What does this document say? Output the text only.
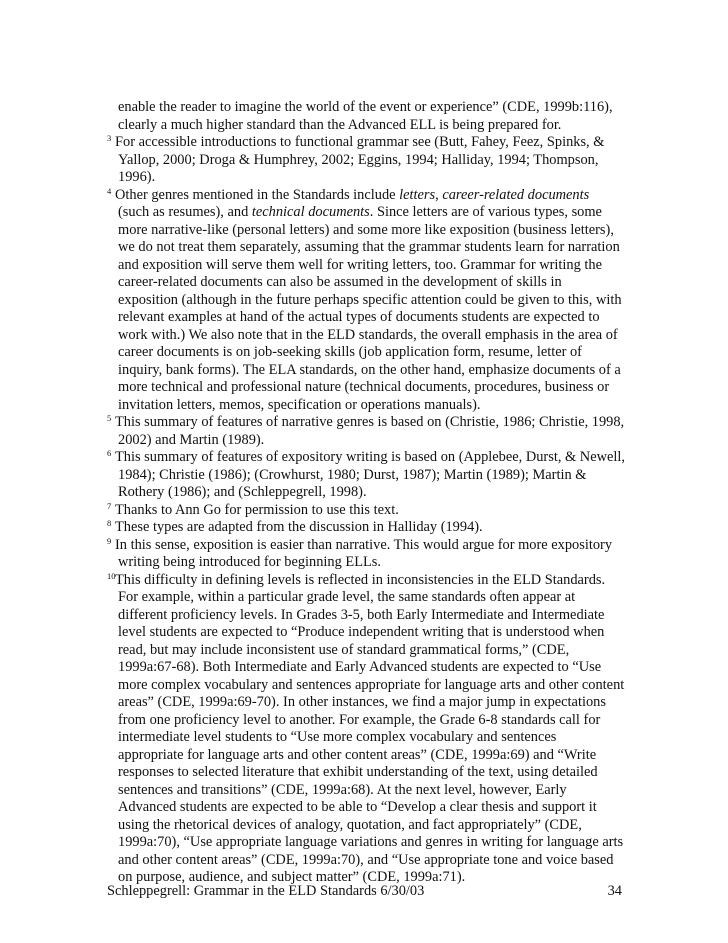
enable the reader to imagine the world of the event or experience” (CDE, 1999b:116),
clearly a much higher standard than the Advanced ELL is being prepared for.
3 For accessible introductions to functional grammar see (Butt, Fahey, Feez, Spinks, &
Yallop, 2000; Droga & Humphrey, 2002; Eggins, 1994; Halliday, 1994; Thompson,
1996).
4 Other genres mentioned in the Standards include letters, career-related documents
(such as resumes), and technical documents. Since letters are of various types, some
more narrative-like (personal letters) and some more like exposition (business letters),
we do not treat them separately, assuming that the grammar students learn for narration
and exposition will serve them well for writing letters, too. Grammar for writing the
career-related documents can also be assumed in the development of skills in
exposition (although in the future perhaps specific attention could be given to this, with
relevant examples at hand of the actual types of documents students are expected to
work with.) We also note that in the ELD standards, the overall emphasis in the area of
career documents is on job-seeking skills (job application form, resume, letter of
inquiry, bank forms). The ELA standards, on the other hand, emphasize documents of a
more technical and professional nature (technical documents, procedures, business or
invitation letters, memos, specification or operations manuals).
5 This summary of features of narrative genres is based on (Christie, 1986; Christie, 1998,
2002) and Martin (1989).
6 This summary of features of expository writing is based on (Applebee, Durst, & Newell,
1984); Christie (1986); (Crowhurst, 1980; Durst, 1987); Martin (1989); Martin &
Rothery (1986); and (Schleppegrell, 1998).
7 Thanks to Ann Go for permission to use this text.
8 These types are adapted from the discussion in Halliday (1994).
9 In this sense, exposition is easier than narrative. This would argue for more expository
writing being introduced for beginning ELLs.
10 This difficulty in defining levels is reflected in inconsistencies in the ELD Standards.
For example, within a particular grade level, the same standards often appear at
different proficiency levels. In Grades 3-5, both Early Intermediate and Intermediate
level students are expected to “Produce independent writing that is understood when
read, but may include inconsistent use of standard grammatical forms,” (CDE,
1999a:67-68). Both Intermediate and Early Advanced students are expected to “Use
more complex vocabulary and sentences appropriate for language arts and other content
areas” (CDE, 1999a:69-70). In other instances, we find a major jump in expectations
from one proficiency level to another. For example, the Grade 6-8 standards call for
intermediate level students to “Use more complex vocabulary and sentences
appropriate for language arts and other content areas” (CDE, 1999a:69) and “Write
responses to selected literature that exhibit understanding of the text, using detailed
sentences and transitions” (CDE, 1999a:68). At the next level, however, Early
Advanced students are expected to be able to “Develop a clear thesis and support it
using the rhetorical devices of analogy, quotation, and fact appropriately” (CDE,
1999a:70), “Use appropriate language variations and genres in writing for language arts
and other content areas” (CDE, 1999a:70), and “Use appropriate tone and voice based
on purpose, audience, and subject matter” (CDE, 1999a:71).
Schleppegrell: Grammar in the ELD Standards 6/30/03	34
